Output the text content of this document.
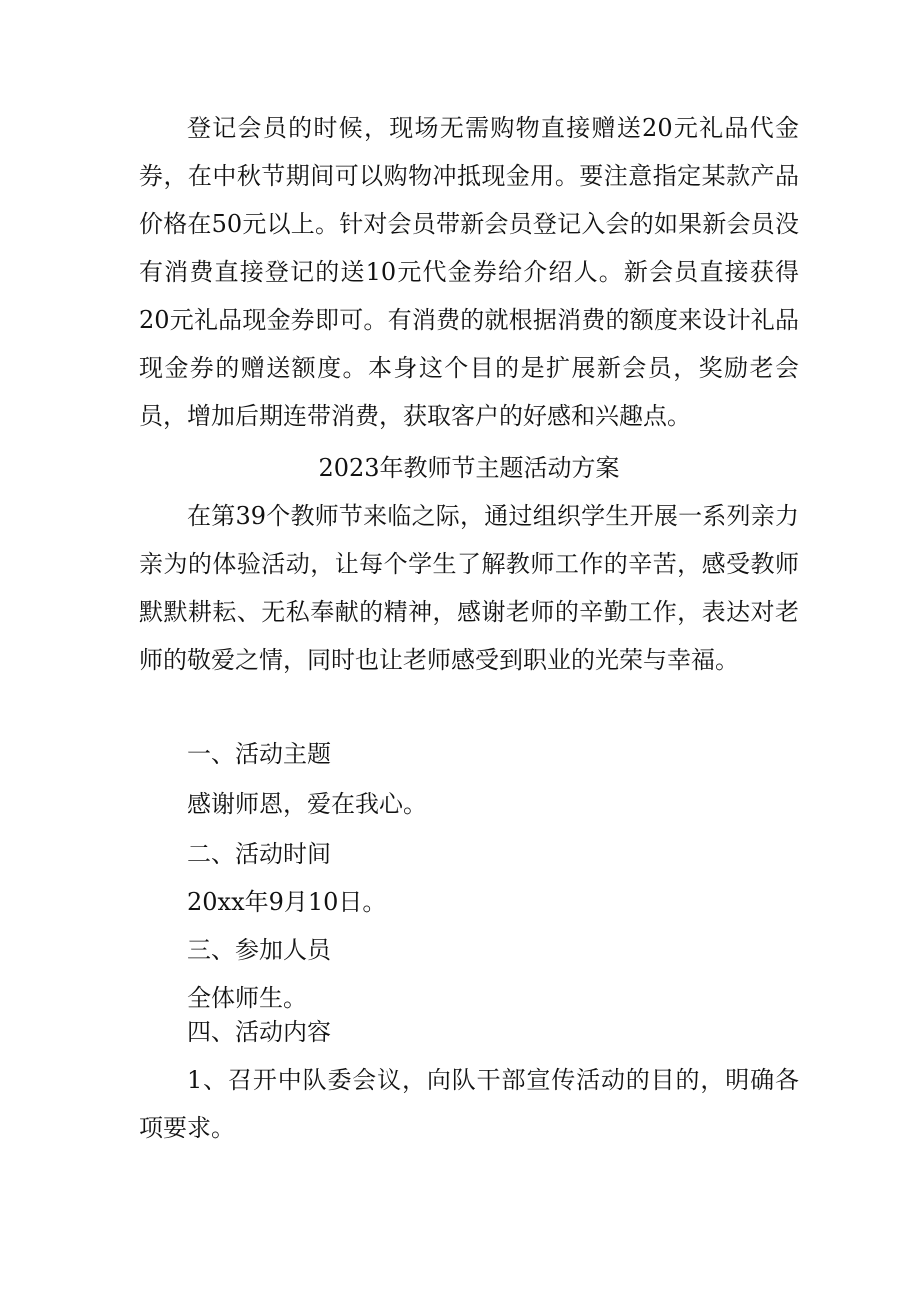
登记会员的时候，现场无需购物直接赠送20元礼品代金券，在中秋节期间可以购物冲抵现金用。要注意指定某款产品价格在50元以上。针对会员带新会员登记入会的如果新会员没有消费直接登记的送10元代金券给介绍人。新会员直接获得20元礼品现金券即可。有消费的就根据消费的额度来设计礼品现金券的赠送额度。本身这个目的是扩展新会员，奖励老会员，增加后期连带消费，获取客户的好感和兴趣点。

2023年教师节主题活动方案

在第39个教师节来临之际，通过组织学生开展一系列亲力亲为的体验活动，让每个学生了解教师工作的辛苦，感受教师默默耕耘、无私奉献的精神，感谢老师的辛勤工作，表达对老师的敬爱之情，同时也让老师感受到职业的光荣与幸福。

一、活动主题

感谢师恩，爱在我心。

二、活动时间

20xx年9月10日。

三、参加人员

全体师生。

四、活动内容

1、召开中队委会议，向队干部宣传活动的目的，明确各项要求。
